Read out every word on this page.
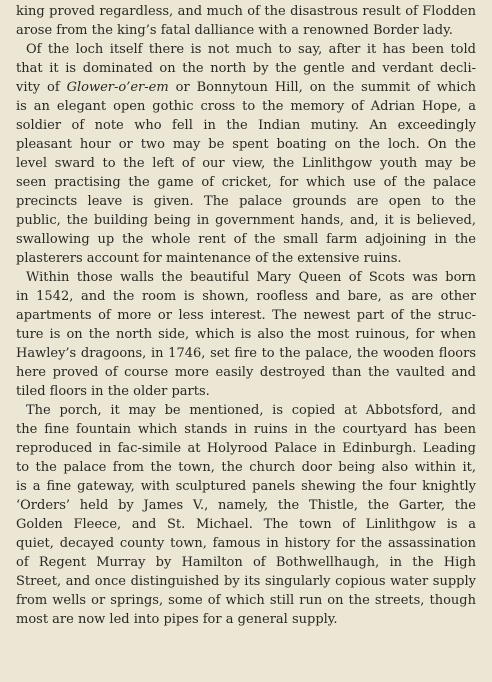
king proved regardless, and much of the disastrous result of Flodden
arose from the king’s fatal dalliance with a renowned Border lady.
Of the loch itself there is not much to say, after it has been told
that it is dominated on the north by the gentle and verdant decli-
vity of Glower-o’er-em or Bonnytoun Hill, on the summit of which
is an elegant open gothic cross to the memory of Adrian Hope, a
soldier of note who fell in the Indian mutiny. An exceedingly
pleasant hour or two may be spent boating on the loch. On the
level sward to the left of our view, the Linlithgow youth may be
seen practising the game of cricket, for which use of the palace
precincts leave is given. The palace grounds are open to the
public, the building being in government hands, and, it is believed,
swallowing up the whole rent of the small farm adjoining in the
plasterers account for maintenance of the extensive ruins.
Within those walls the beautiful Mary Queen of Scots was born
in 1542, and the room is shown, roofless and bare, as are other
apartments of more or less interest. The newest part of the struc-
ture is on the north side, which is also the most ruinous, for when
Hawley’s dragoons, in 1746, set fire to the palace, the wooden floors
here proved of course more easily destroyed than the vaulted and
tiled floors in the older parts.
The porch, it may be mentioned, is copied at Abbotsford, and
the fine fountain which stands in ruins in the courtyard has been
reproduced in fac-simile at Holyrood Palace in Edinburgh. Leading
to the palace from the town, the church door being also within it,
is a fine gateway, with sculptured panels shewing the four knightly
‘Orders’ held by James V., namely, the Thistle, the Garter, the
Golden Fleece, and St. Michael. The town of Linlithgow is a
quiet, decayed county town, famous in history for the assassination
of Regent Murray by Hamilton of Bothwellhaugh, in the High
Street, and once distinguished by its singularly copious water supply
from wells or springs, some of which still run on the streets, though
most are now led into pipes for a general supply.
